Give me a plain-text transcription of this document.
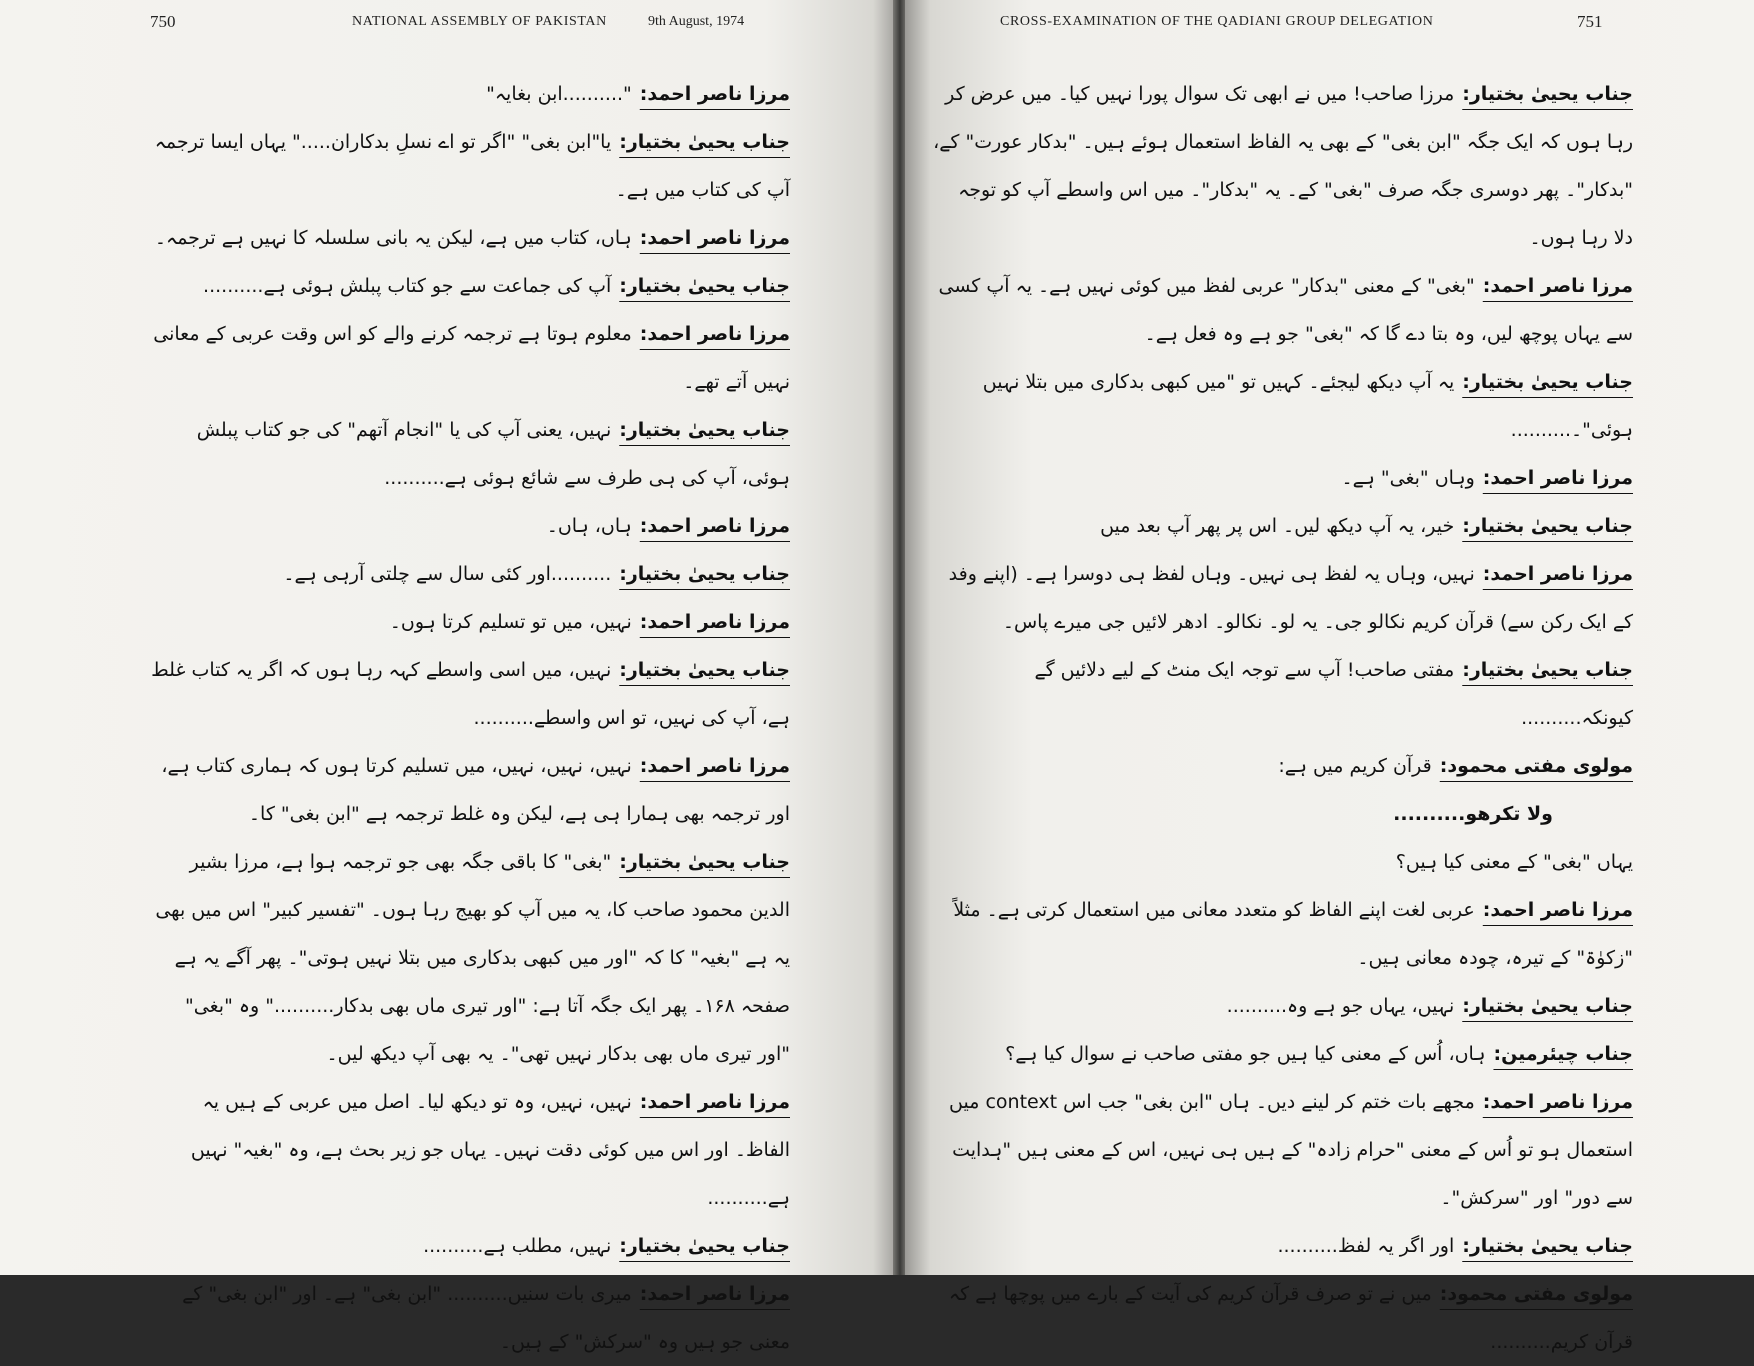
750	NATIONAL ASSEMBLY OF PAKISTAN	9th August, 1974

مرزا ناصر احمد:"..........ابن بغایہ"

جناب یحییٰ بختیار:یا"ابن بغی" "اگر تو اے نسلِ بدکاران....." یہاں ایسا ترجمہ آپ کی کتاب میں ہے۔

مرزا ناصر احمد:ہاں، کتاب میں ہے، لیکن یہ بانی سلسلہ کا نہیں ہے ترجمہ۔

جناب یحییٰ بختیار:آپ کی جماعت سے جو کتاب پبلش ہوئی ہے..........

مرزا ناصر احمد:معلوم ہوتا ہے ترجمہ کرنے والے کو اس وقت عربی کے معانی نہیں آتے تھے۔

جناب یحییٰ بختیار:نہیں، یعنی آپ کی یا "انجام آتھم" کی جو کتاب پبلش ہوئی، آپ کی ہی طرف سے شائع ہوئی ہے..........

مرزا ناصر احمد:ہاں، ہاں۔

جناب یحییٰ بختیار:..........اور کئی سال سے چلتی آرہی ہے۔

مرزا ناصر احمد:نہیں، میں تو تسلیم کرتا ہوں۔

جناب یحییٰ بختیار:نہیں، میں اسی واسطے کہہ رہا ہوں کہ اگر یہ کتاب غلط ہے، آپ کی نہیں، تو اس واسطے..........

مرزا ناصر احمد:نہیں، نہیں، نہیں، میں تسلیم کرتا ہوں کہ ہماری کتاب ہے، اور ترجمہ بھی ہمارا ہی ہے، لیکن وہ غلط ترجمہ ہے "ابن بغی" کا۔

جناب یحییٰ بختیار:"بغی" کا باقی جگہ بھی جو ترجمہ ہوا ہے، مرزا بشیر الدین محمود صاحب کا، یہ میں آپ کو بھیج رہا ہوں۔ "تفسیر کبیر" اس میں بھی یہ ہے "بغیہ" کا کہ "اور میں کبھی بدکاری میں بتلا نہیں ہوتی"۔ پھر آگے یہ ہے صفحہ ۱۶۸۔ پھر ایک جگہ آتا ہے: "اور تیری ماں بھی بدکار.........." وہ "بغی" "اور تیری ماں بھی بدکار نہیں تھی"۔ یہ بھی آپ دیکھ لیں۔

مرزا ناصر احمد:نہیں، نہیں، وہ تو دیکھ لیا۔ اصل میں عربی کے ہیں یہ الفاظ۔ اور اس میں کوئی دقت نہیں۔ یہاں جو زیر بحث ہے، وہ "بغیہ" نہیں ہے..........

جناب یحییٰ بختیار:نہیں، مطلب ہے..........

مرزا ناصر احمد:میری بات سنیں.......... "ابن بغی" ہے۔ اور "ابن بغی" کے معنی جو ہیں وہ "سرکش" کے ہیں۔

CROSS-EXAMINATION OF THE QADIANI GROUP DELEGATION	751

جناب یحییٰ بختیار:مرزا صاحب! میں نے ابھی تک سوال پورا نہیں کیا۔ میں عرض کر رہا ہوں کہ ایک جگہ "ابن بغی" کے بھی یہ الفاظ استعمال ہوئے ہیں۔ "بدکار عورت" کے، "بدکار"۔ پھر دوسری جگہ صرف "بغی" کے۔ یہ "بدکار"۔ میں اس واسطے آپ کو توجہ دلا رہا ہوں۔

مرزا ناصر احمد:"بغی" کے معنی "بدکار" عربی لفظ میں کوئی نہیں ہے۔ یہ آپ کسی سے یہاں پوچھ لیں، وہ بتا دے گا کہ "بغی" جو ہے وہ فعل ہے۔

جناب یحییٰ بختیار:یہ آپ دیکھ لیجئے۔ کہیں تو "میں کبھی بدکاری میں بتلا نہیں ہوئی"۔..........

مرزا ناصر احمد:وہاں "بغی" ہے۔

جناب یحییٰ بختیار:خیر، یہ آپ دیکھ لیں۔ اس پر پھر آپ بعد میں

مرزا ناصر احمد:نہیں، وہاں یہ لفظ ہی نہیں۔ وہاں لفظ ہی دوسرا ہے۔ (اپنے وفد کے ایک رکن سے) قرآن کریم نکالو جی۔ یہ لو۔ نکالو۔ ادھر لائیں جی میرے پاس۔

جناب یحییٰ بختیار:مفتی صاحب! آپ سے توجہ ایک منٹ کے لیے دلائیں گے کیونکہ..........

مولوی مفتی محمود:قرآن کریم میں ہے:

ولا تکرھو..........

یہاں "بغی" کے معنی کیا ہیں؟

مرزا ناصر احمد:عربی لغت اپنے الفاظ کو متعدد معانی میں استعمال کرتی ہے۔ مثلاً "زکوٰۃ" کے تیرہ، چودہ معانی ہیں۔

جناب یحییٰ بختیار:نہیں، یہاں جو ہے وہ..........

جناب چیئرمین:ہاں، اُس کے معنی کیا ہیں جو مفتی صاحب نے سوال کیا ہے؟

مرزا ناصر احمد:مجھے بات ختم کر لینے دیں۔ ہاں "ابن بغی" جب اس context میں استعمال ہو تو اُس کے معنی "حرام زادہ" کے ہیں ہی نہیں، اس کے معنی ہیں "ہدایت سے دور" اور "سرکش"۔

جناب یحییٰ بختیار:اور اگر یہ لفظ..........

مولوی مفتی محمود:میں نے تو صرف قرآن کریم کی آیت کے بارے میں پوچھا ہے کہ قرآن کریم..........
